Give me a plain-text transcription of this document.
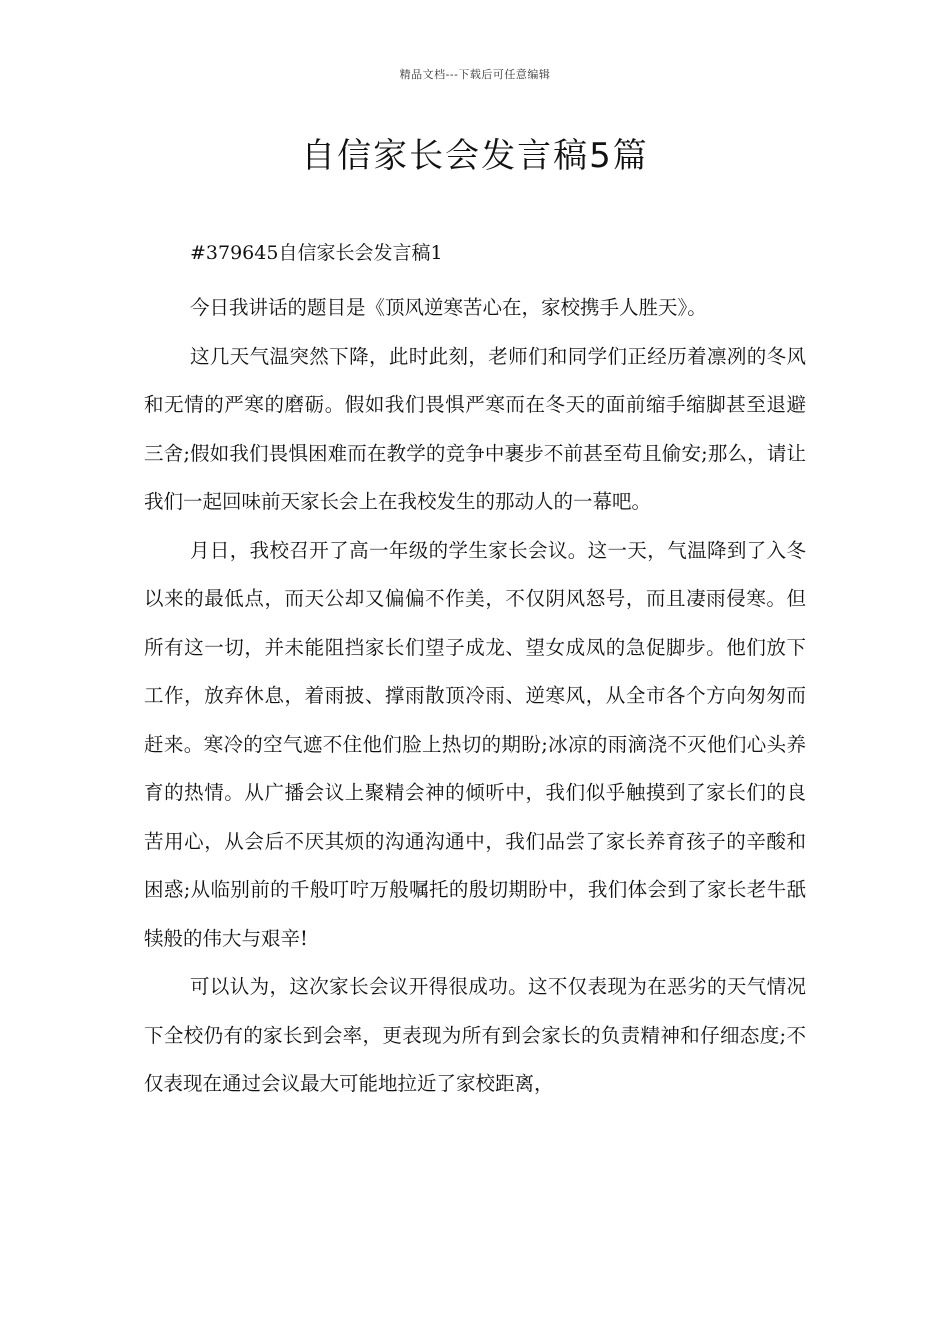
精品文档---下载后可任意编辑
自信家长会发言稿5篇
#379645自信家长会发言稿1

今日我讲话的题目是《顶风逆寒苦心在，家校携手人胜天》。

这几天气温突然下降，此时此刻，老师们和同学们正经历着凛冽的冬风和无情的严寒的磨砺。假如我们畏惧严寒而在冬天的面前缩手缩脚甚至退避三舍;假如我们畏惧困难而在教学的竞争中裹步不前甚至苟且偷安;那么，请让我们一起回味前天家长会上在我校发生的那动人的一幕吧。

月日，我校召开了高一年级的学生家长会议。这一天，气温降到了入冬以来的最低点，而天公却又偏偏不作美，不仅阴风怒号，而且凄雨侵寒。但所有这一切，并未能阻挡家长们望子成龙、望女成凤的急促脚步。他们放下工作，放弃休息，着雨披、撑雨散顶冷雨、逆寒风，从全市各个方向匆匆而赶来。寒冷的空气遮不住他们脸上热切的期盼;冰凉的雨滴浇不灭他们心头养育的热情。从广播会议上聚精会神的倾听中，我们似乎触摸到了家长们的良苦用心，从会后不厌其烦的沟通沟通中，我们品尝了家长养育孩子的辛酸和困惑;从临别前的千般叮咛万般嘱托的殷切期盼中，我们体会到了家长老牛舐犊般的伟大与艰辛!

可以认为，这次家长会议开得很成功。这不仅表现为在恶劣的天气情况下全校仍有的家长到会率，更表现为所有到会家长的负责精神和仔细态度;不仅表现在通过会议最大可能地拉近了家校距离，
